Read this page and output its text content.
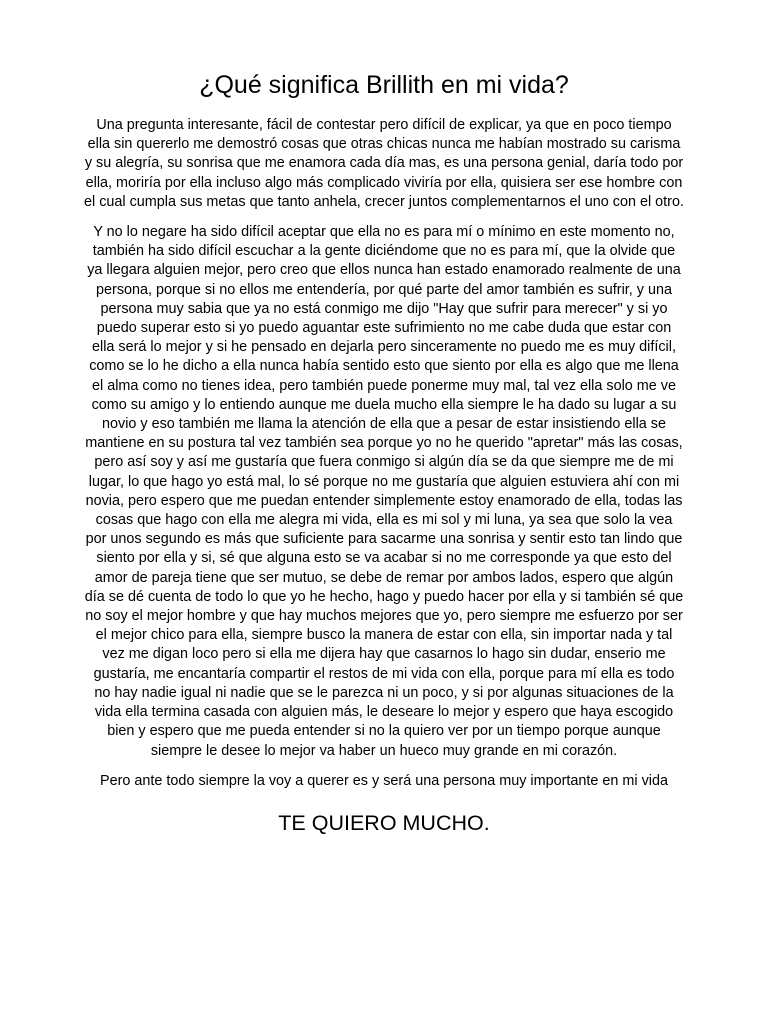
¿Qué significa Brillith en mi vida?

Una pregunta interesante, fácil de contestar pero difícil de explicar, ya que en poco tiempo ella sin quererlo me demostró cosas que otras chicas nunca me habían mostrado su carisma y su alegría, su sonrisa que me enamora cada día mas, es una persona genial, daría todo por ella, moriría por ella incluso algo más complicado viviría por ella, quisiera ser ese hombre con el cual cumpla sus metas que tanto anhela, crecer juntos complementarnos el uno con el otro.

Y no lo negare ha sido difícil aceptar que ella no es para mí o mínimo en este momento no, también ha sido difícil escuchar a la gente diciéndome que no es para mí, que la olvide que ya llegara alguien mejor, pero creo que ellos nunca han estado enamorado realmente de una persona, porque si no ellos me entendería, por qué parte del amor también es sufrir, y una persona muy sabia que ya no está conmigo me dijo "Hay que sufrir para merecer" y si yo puedo superar esto si yo puedo aguantar este sufrimiento no me cabe duda que estar con ella será lo mejor y si he pensado en dejarla pero sinceramente no puedo me es muy difícil, como se lo he dicho a ella nunca había sentido esto que siento por ella es algo que me llena el alma como no tienes idea, pero también puede ponerme muy mal, tal vez ella solo me ve como su amigo y lo entiendo aunque me duela mucho ella siempre le ha dado su lugar a su novio y eso también me llama la atención de ella que a pesar de estar insistiendo ella se mantiene en su postura tal vez también sea porque yo no he querido "apretar" más las cosas, pero así soy y así me gustaría que fuera conmigo si algún día se da que siempre me de mi lugar, lo que hago yo está mal, lo sé porque no me gustaría que alguien estuviera ahí con mi novia, pero espero que me puedan entender simplemente estoy enamorado de ella, todas las cosas que hago con ella me alegra mi vida, ella es mi sol y mi luna, ya sea que solo la vea por unos segundo es más que suficiente para sacarme una sonrisa y sentir esto tan lindo que siento por ella y si, sé que alguna esto se va acabar si no me corresponde ya que esto del amor de pareja tiene que ser mutuo, se debe de remar por ambos lados, espero que algún día se dé cuenta de todo lo que yo he hecho, hago y puedo hacer por ella y si también sé que no soy el mejor hombre y que hay muchos mejores que yo, pero siempre me esfuerzo por ser el mejor chico para ella, siempre busco la manera de estar con ella, sin importar nada y tal vez me digan loco pero si ella me dijera hay que casarnos lo hago sin dudar, enserio me gustaría, me encantaría compartir el restos de mi vida con ella, porque para mí ella es todo no hay nadie igual ni nadie que se le parezca ni un poco, y si por algunas situaciones de la vida ella termina casada con alguien más, le deseare lo mejor y espero que haya escogido bien y espero que me pueda entender si no la quiero ver por un tiempo porque aunque siempre le desee lo mejor va haber un hueco muy grande en mi corazón.

Pero ante todo siempre la voy a querer es y será una persona muy importante en mi vida

TE QUIERO MUCHO.
